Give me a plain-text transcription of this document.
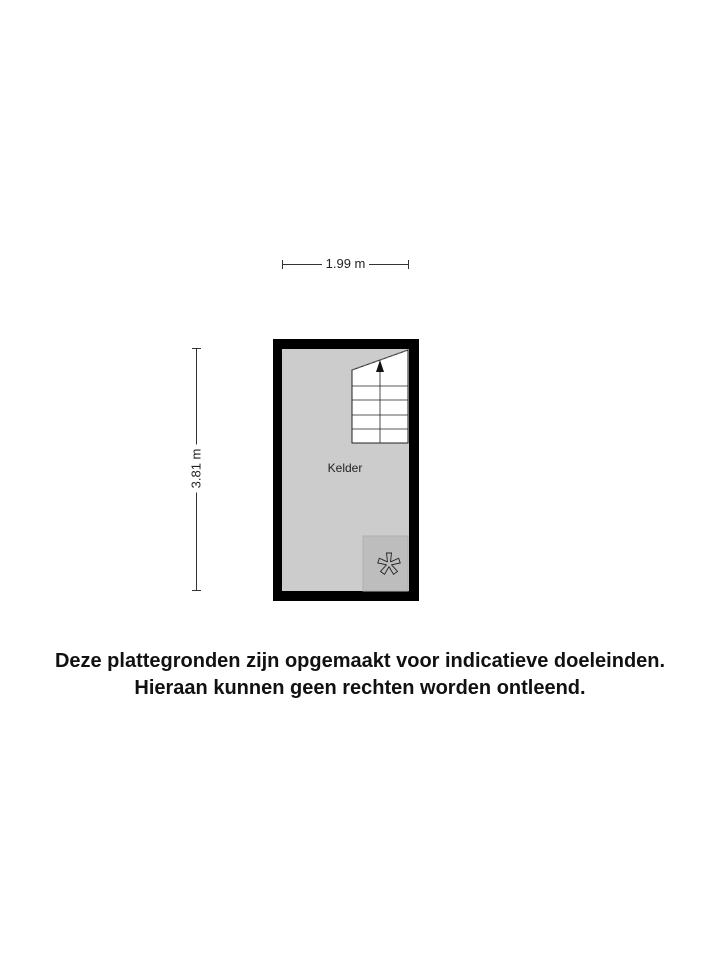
1.99 m
3.81 m	Kelder
Deze plattegronden zijn opgemaakt voor indicatieve doeleinden.
Hieraan kunnen geen rechten worden ontleend.
